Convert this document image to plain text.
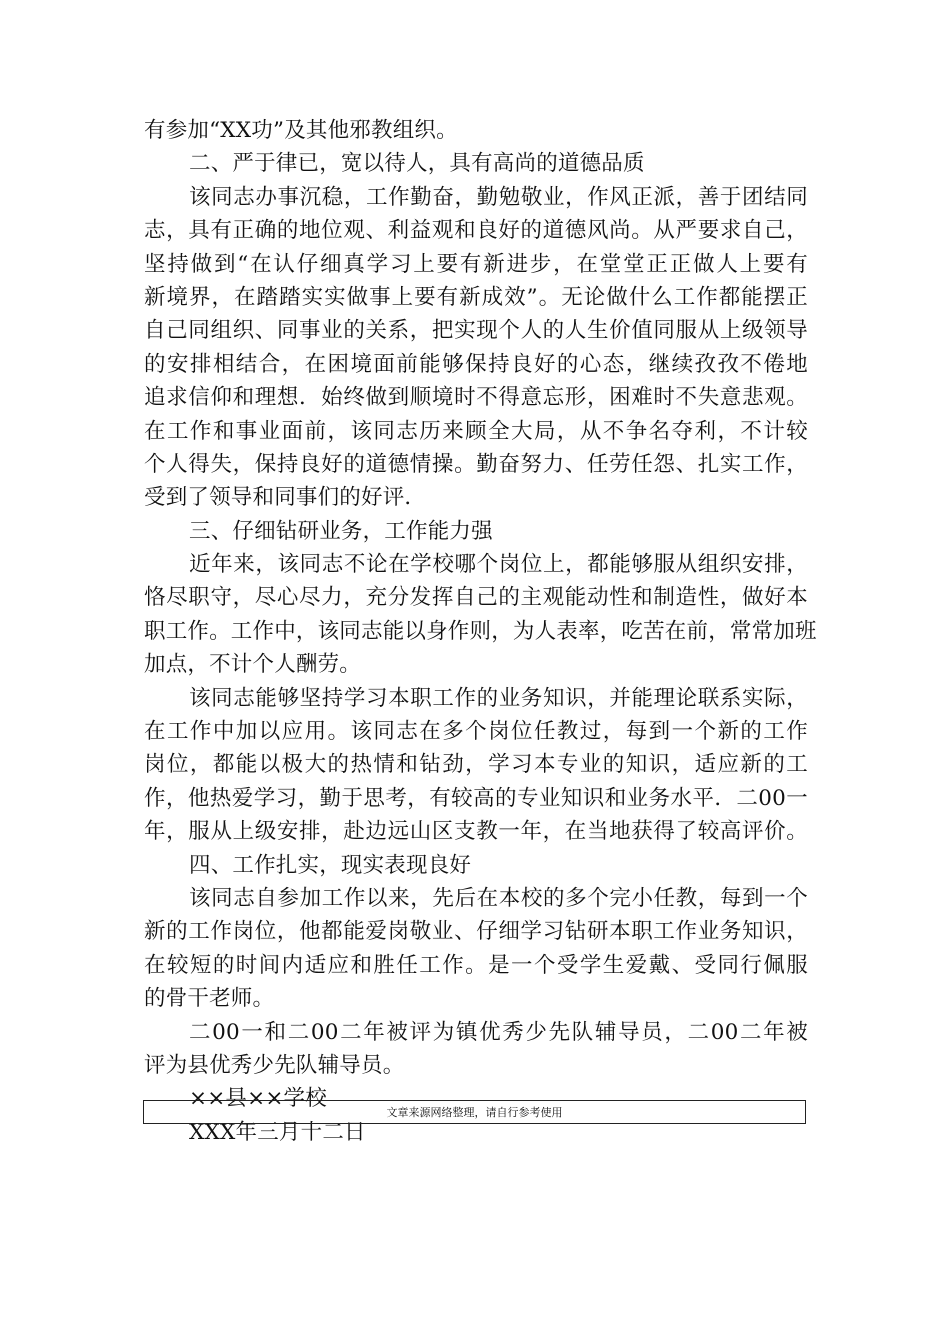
有参加“XX功”及其他邪教组织。
二、严于律已，宽以待人，具有高尚的道德品质
该同志办事沉稳，工作勤奋，勤勉敬业，作风正派，善于团结同
志，具有正确的地位观、利益观和良好的道德风尚。从严要求自己，
坚持做到“在认仔细真学习上要有新进步，在堂堂正正做人上要有
新境界，在踏踏实实做事上要有新成效”。无论做什么工作都能摆正
自己同组织、同事业的关系，把实现个人的人生价值同服从上级领导
的安排相结合，在困境面前能够保持良好的心态，继续孜孜不倦地
追求信仰和理想．始终做到顺境时不得意忘形，困难时不失意悲观。
在工作和事业面前，该同志历来顾全大局，从不争名夺利，不计较
个人得失，保持良好的道德情操。勤奋努力、任劳任怨、扎实工作，
受到了领导和同事们的好评．
三、仔细钻研业务，工作能力强
近年来，该同志不论在学校哪个岗位上，都能够服从组织安排，
恪尽职守，尽心尽力，充分发挥自己的主观能动性和制造性，做好本
职工作。工作中，该同志能以身作则，为人表率，吃苦在前，常常加班
加点，不计个人酬劳。
该同志能够坚持学习本职工作的业务知识，并能理论联系实际，
在工作中加以应用。该同志在多个岗位任教过，每到一个新的工作
岗位，都能以极大的热情和钻劲，学习本专业的知识，适应新的工
作，他热爱学习，勤于思考，有较高的专业知识和业务水平．二00一
年，服从上级安排，赴边远山区支教一年，在当地获得了较高评价。
四、工作扎实，现实表现良好
该同志自参加工作以来，先后在本校的多个完小任教，每到一个
新的工作岗位，他都能爱岗敬业、仔细学习钻研本职工作业务知识，
在较短的时间内适应和胜任工作。是一个受学生爱戴、受同行佩服
的骨干老师。
二00一和二00二年被评为镇优秀少先队辅导员，二00二年被
评为县优秀少先队辅导员。
××县××学校
XXX年三月十二日
文章来源网络整理，请自行参考使用
